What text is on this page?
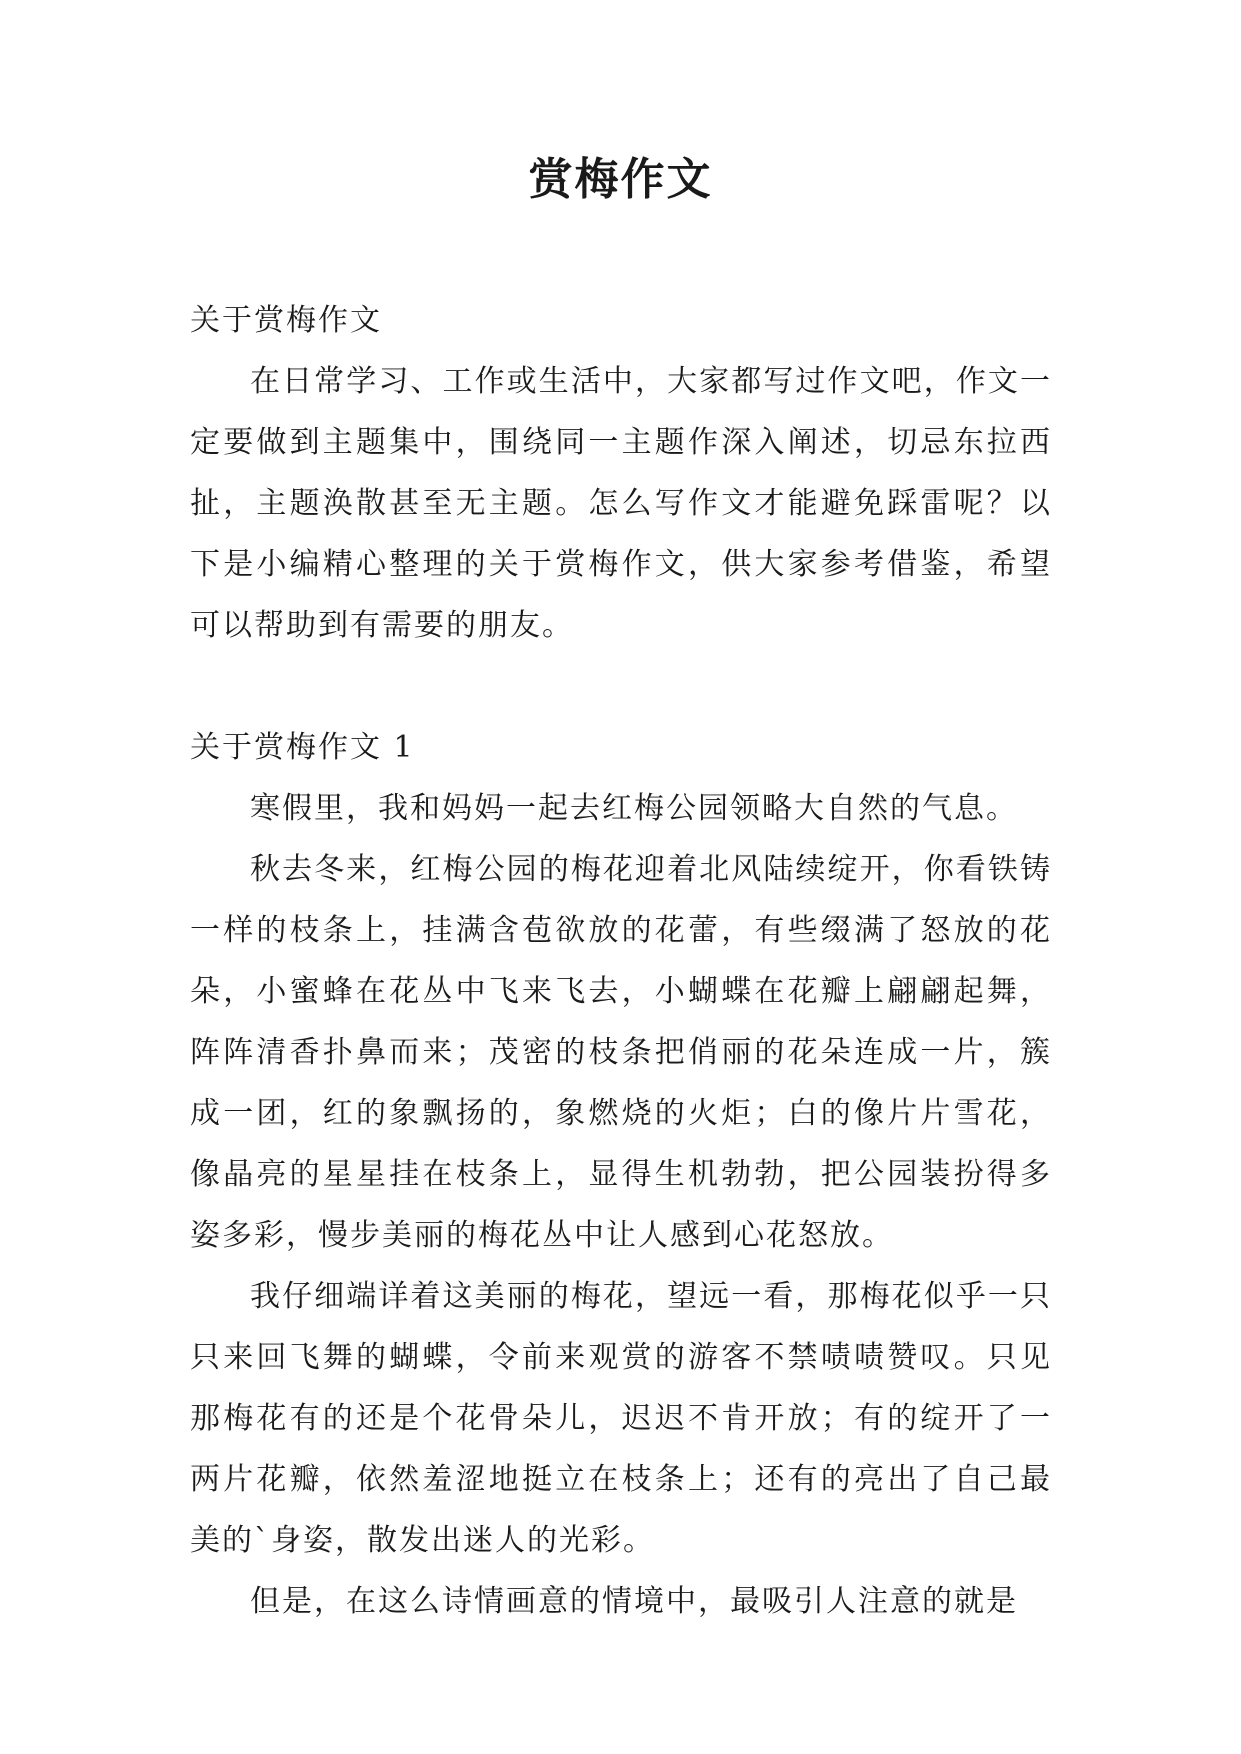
赏梅作文

关于赏梅作文

在日常学习、工作或生活中，大家都写过作文吧，作文一定要做到主题集中，围绕同一主题作深入阐述，切忌东拉西扯，主题涣散甚至无主题。怎么写作文才能避免踩雷呢？以下是小编精心整理的关于赏梅作文，供大家参考借鉴，希望可以帮助到有需要的朋友。

关于赏梅作文 1

寒假里，我和妈妈一起去红梅公园领略大自然的气息。

秋去冬来，红梅公园的梅花迎着北风陆续绽开，你看铁铸一样的枝条上，挂满含苞欲放的花蕾，有些缀满了怒放的花朵，小蜜蜂在花丛中飞来飞去，小蝴蝶在花瓣上翩翩起舞，阵阵清香扑鼻而来；茂密的枝条把俏丽的花朵连成一片，簇成一团，红的象飘扬的，象燃烧的火炬；白的像片片雪花，像晶亮的星星挂在枝条上，显得生机勃勃，把公园装扮得多姿多彩，慢步美丽的梅花丛中让人感到心花怒放。

我仔细端详着这美丽的梅花，望远一看，那梅花似乎一只只来回飞舞的蝴蝶，令前来观赏的游客不禁啧啧赞叹。只见那梅花有的还是个花骨朵儿，迟迟不肯开放；有的绽开了一两片花瓣，依然羞涩地挺立在枝条上；还有的亮出了自己最美的`身姿，散发出迷人的光彩。

但是，在这么诗情画意的情境中，最吸引人注意的就是
